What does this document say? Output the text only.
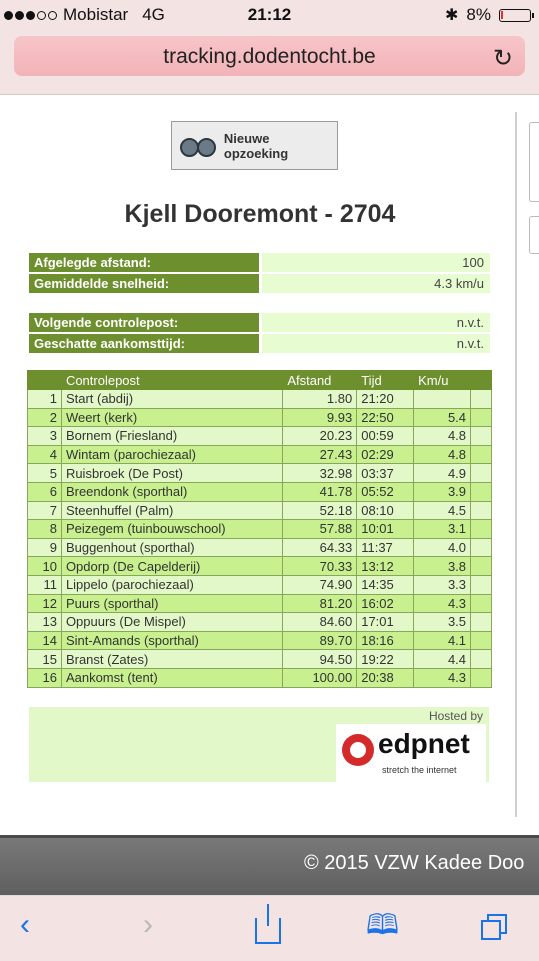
Mobistar 4G	21:12	✱ 8%
tracking.dodentocht.be	↻
Nieuwe opzoeking
Kjell Dooremont - 2704
Afgelegde afstand:	100
Gemiddelde snelheid:	4.3 km/u
Volgende controlepost:	n.v.t.
Geschatte aankomsttijd:	n.v.t.
	Controlepost	Afstand	Tijd	Km/u	
1	Start (abdij)	1.80	21:20		
2	Weert (kerk)	9.93	22:50	5.4	
3	Bornem (Friesland)	20.23	00:59	4.8	
4	Wintam (parochiezaal)	27.43	02:29	4.8	
5	Ruisbroek (De Post)	32.98	03:37	4.9	
6	Breendonk (sporthal)	41.78	05:52	3.9	
7	Steenhuffel (Palm)	52.18	08:10	4.5	
8	Peizegem (tuinbouwschool)	57.88	10:01	3.1	
9	Buggenhout (sporthal)	64.33	11:37	4.0	
10	Opdorp (De Capelderij)	70.33	13:12	3.8	
11	Lippelo (parochiezaal)	74.90	14:35	3.3	
12	Puurs (sporthal)	81.20	16:02	4.3	
13	Oppuurs (De Mispel)	84.60	17:01	3.5	
14	Sint-Amands (sporthal)	89.70	18:16	4.1	
15	Branst (Zates)	94.50	19:22	4.4	
16	Aankomst (tent)	100.00	20:38	4.3	
Hosted by
edpnet
stretch the internet
© 2015 VZW Kadee Doo
‹	›	🕮
